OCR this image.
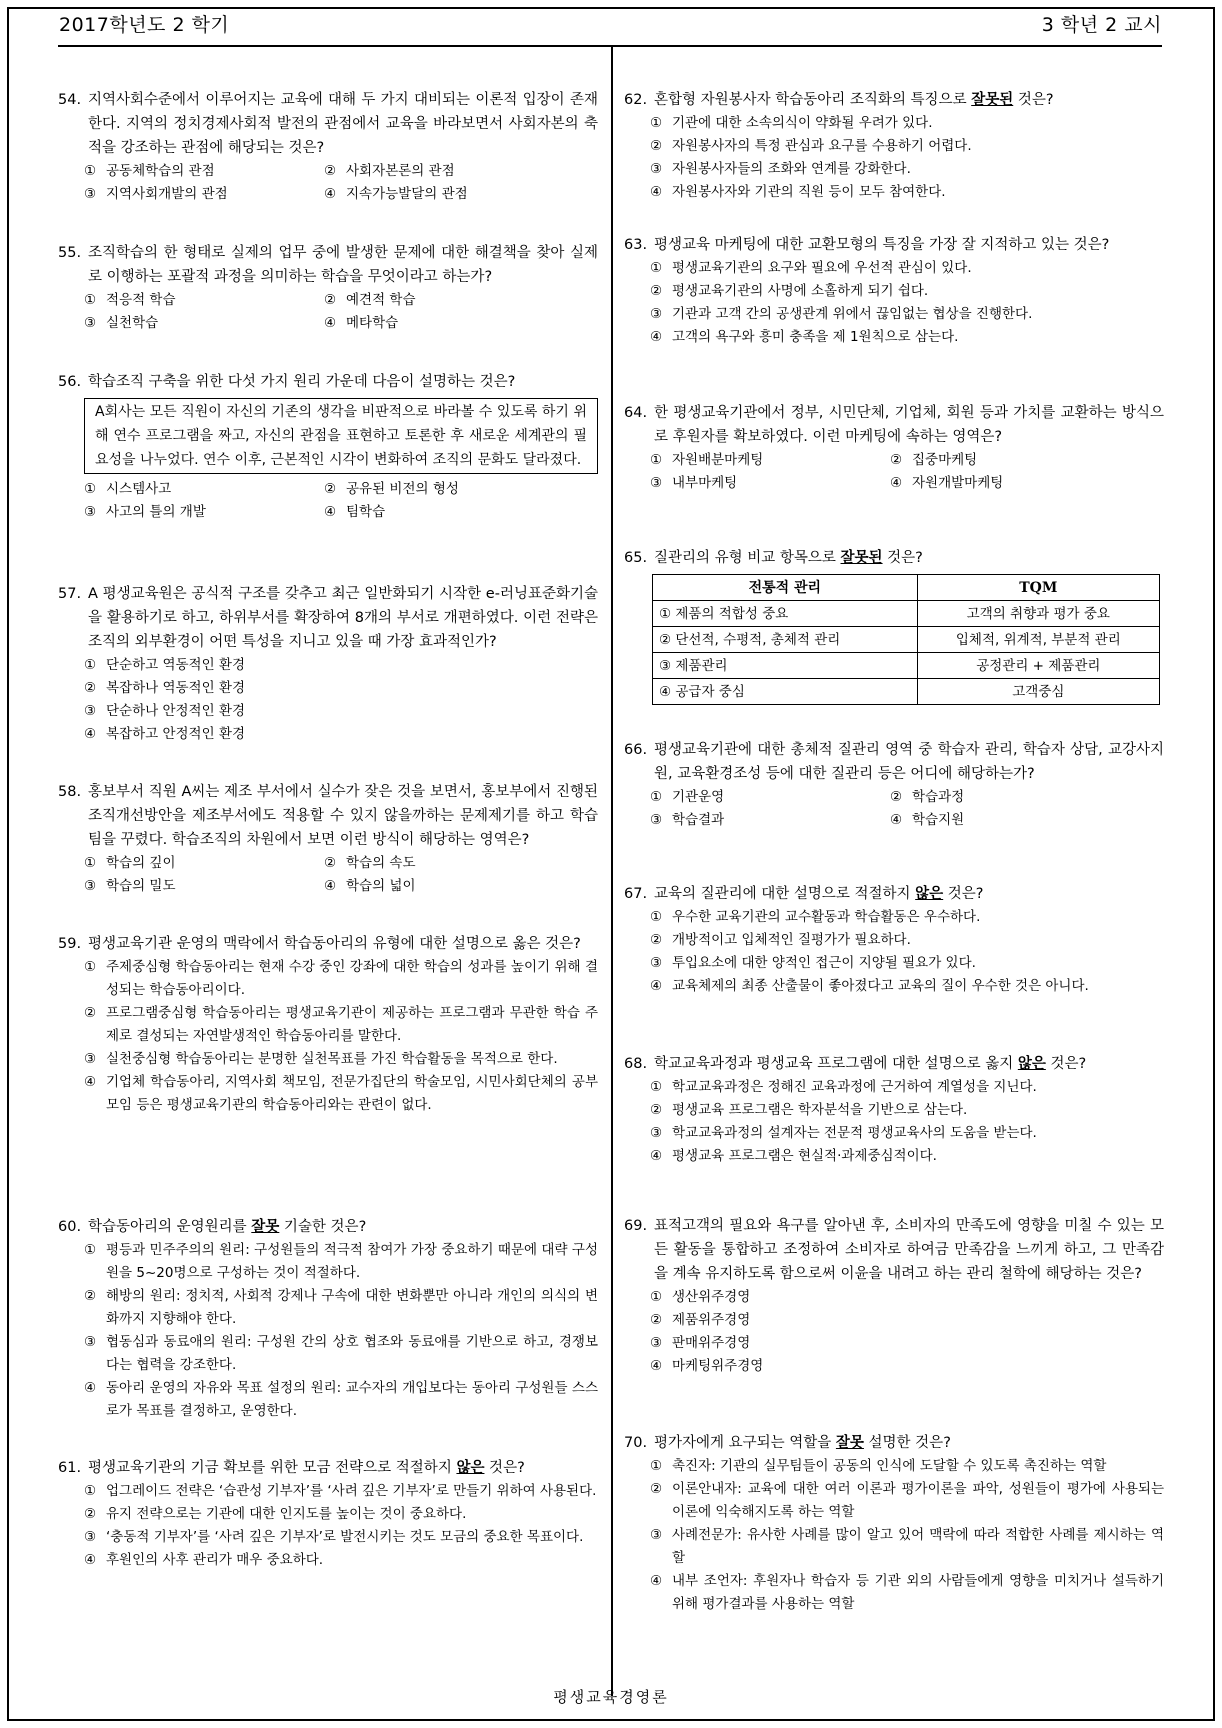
2017학년도 2 학기	3 학년 2 교시
평생교육경영론
54. 지역사회수준에서 이루어지는 교육에 대해 두 가지 대비되는 이론적 입장이 존재한다. 지역의 정치경제사회적 발전의 관점에서 교육을 바라보면서 사회자본의 축적을 강조하는 관점에 해당되는 것은?
① 공동체학습의 관점	② 사회자본론의 관점
③ 지역사회개발의 관점	④ 지속가능발달의 관점
55. 조직학습의 한 형태로 실제의 업무 중에 발생한 문제에 대한 해결책을 찾아 실제로 이행하는 포괄적 과정을 의미하는 학습을 무엇이라고 하는가?
① 적응적 학습	② 예견적 학습
③ 실천학습	④ 메타학습
56. 학습조직 구축을 위한 다섯 가지 원리 가운데 다음이 설명하는 것은?
A회사는 모든 직원이 자신의 기존의 생각을 비판적으로 바라볼 수 있도록 하기 위해 연수 프로그램을 짜고, 자신의 관점을 표현하고 토론한 후 새로운 세계관의 필요성을 나누었다. 연수 이후, 근본적인 시각이 변화하여 조직의 문화도 달라졌다.
① 시스템사고	② 공유된 비전의 형성
③ 사고의 틀의 개발	④ 팀학습
57. A 평생교육원은 공식적 구조를 갖추고 최근 일반화되기 시작한 e-러닝표준화기술을 활용하기로 하고, 하위부서를 확장하여 8개의 부서로 개편하였다. 이런 전략은 조직의 외부환경이 어떤 특성을 지니고 있을 때 가장 효과적인가?
① 단순하고 역동적인 환경
② 복잡하나 역동적인 환경
③ 단순하나 안정적인 환경
④ 복잡하고 안정적인 환경
58. 홍보부서 직원 A씨는 제조 부서에서 실수가 잦은 것을 보면서, 홍보부에서 진행된 조직개선방안을 제조부서에도 적용할 수 있지 않을까하는 문제제기를 하고 학습팀을 꾸렸다. 학습조직의 차원에서 보면 이런 방식이 해당하는 영역은?
① 학습의 깊이	② 학습의 속도
③ 학습의 밀도	④ 학습의 넓이
59. 평생교육기관 운영의 맥락에서 학습동아리의 유형에 대한 설명으로 옳은 것은?
① 주제중심형 학습동아리는 현재 수강 중인 강좌에 대한 학습의 성과를 높이기 위해 결성되는 학습동아리이다.
② 프로그램중심형 학습동아리는 평생교육기관이 제공하는 프로그램과 무관한 학습 주제로 결성되는 자연발생적인 학습동아리를 말한다.
③ 실천중심형 학습동아리는 분명한 실천목표를 가진 학습활동을 목적으로 한다.
④ 기업체 학습동아리, 지역사회 책모임, 전문가집단의 학술모임, 시민사회단체의 공부모임 등은 평생교육기관의 학습동아리와는 관련이 없다.
60. 학습동아리의 운영원리를 잘못 기술한 것은?
① 평등과 민주주의의 원리: 구성원들의 적극적 참여가 가장 중요하기 때문에 대략 구성원을 5~20명으로 구성하는 것이 적절하다.
② 해방의 원리: 정치적, 사회적 강제나 구속에 대한 변화뿐만 아니라 개인의 의식의 변화까지 지향해야 한다.
③ 협동심과 동료애의 원리: 구성원 간의 상호 협조와 동료애를 기반으로 하고, 경쟁보다는 협력을 강조한다.
④ 동아리 운영의 자유와 목표 설정의 원리: 교수자의 개입보다는 동아리 구성원들 스스로가 목표를 결정하고, 운영한다.
61. 평생교육기관의 기금 확보를 위한 모금 전략으로 적절하지 않은 것은?
① 업그레이드 전략은 ‘습관성 기부자’를 ‘사려 깊은 기부자’로 만들기 위하여 사용된다.
② 유지 전략으로는 기관에 대한 인지도를 높이는 것이 중요하다.
③ ‘충동적 기부자’를 ‘사려 깊은 기부자’로 발전시키는 것도 모금의 중요한 목표이다.
④ 후원인의 사후 관리가 매우 중요하다.
62. 혼합형 자원봉사자 학습동아리 조직화의 특징으로 잘못된 것은?
① 기관에 대한 소속의식이 약화될 우려가 있다.
② 자원봉사자의 특정 관심과 요구를 수용하기 어렵다.
③ 자원봉사자들의 조화와 연계를 강화한다.
④ 자원봉사자와 기관의 직원 등이 모두 참여한다.
63. 평생교육 마케팅에 대한 교환모형의 특징을 가장 잘 지적하고 있는 것은?
① 평생교육기관의 요구와 필요에 우선적 관심이 있다.
② 평생교육기관의 사명에 소홀하게 되기 쉽다.
③ 기관과 고객 간의 공생관계 위에서 끊임없는 협상을 진행한다.
④ 고객의 욕구와 흥미 충족을 제 1원칙으로 삼는다.
64. 한 평생교육기관에서 정부, 시민단체, 기업체, 회원 등과 가치를 교환하는 방식으로 후원자를 확보하였다. 이런 마케팅에 속하는 영역은?
① 자원배분마케팅	② 집중마케팅
③ 내부마케팅	④ 자원개발마케팅
65. 질관리의 유형 비교 항목으로 잘못된 것은?
전통적 관리	TQM
① 제품의 적합성 중요	고객의 취향과 평가 중요
② 단선적, 수평적, 총체적 관리	입체적, 위계적, 부분적 관리
③ 제품관리	공정관리 + 제품관리
④ 공급자 중심	고객중심
66. 평생교육기관에 대한 총체적 질관리 영역 중 학습자 관리, 학습자 상담, 교강사지원, 교육환경조성 등에 대한 질관리 등은 어디에 해당하는가?
① 기관운영	② 학습과정
③ 학습결과	④ 학습지원
67. 교육의 질관리에 대한 설명으로 적절하지 않은 것은?
① 우수한 교육기관의 교수활동과 학습활동은 우수하다.
② 개방적이고 입체적인 질평가가 필요하다.
③ 투입요소에 대한 양적인 접근이 지양될 필요가 있다.
④ 교육체제의 최종 산출물이 좋아졌다고 교육의 질이 우수한 것은 아니다.
68. 학교교육과정과 평생교육 프로그램에 대한 설명으로 옳지 않은 것은?
① 학교교육과정은 정해진 교육과정에 근거하여 계열성을 지닌다.
② 평생교육 프로그램은 학자분석을 기반으로 삼는다.
③ 학교교육과정의 설계자는 전문적 평생교육사의 도움을 받는다.
④ 평생교육 프로그램은 현실적·과제중심적이다.
69. 표적고객의 필요와 욕구를 알아낸 후, 소비자의 만족도에 영향을 미칠 수 있는 모든 활동을 통합하고 조정하여 소비자로 하여금 만족감을 느끼게 하고, 그 만족감을 계속 유지하도록 함으로써 이윤을 내려고 하는 관리 철학에 해당하는 것은?
① 생산위주경영
② 제품위주경영
③ 판매위주경영
④ 마케팅위주경영
70. 평가자에게 요구되는 역할을 잘못 설명한 것은?
① 촉진자: 기관의 실무팀들이 공동의 인식에 도달할 수 있도록 촉진하는 역할
② 이론안내자: 교육에 대한 여러 이론과 평가이론을 파악, 성원들이 평가에 사용되는 이론에 익숙해지도록 하는 역할
③ 사례전문가: 유사한 사례를 많이 알고 있어 맥락에 따라 적합한 사례를 제시하는 역할
④ 내부 조언자: 후원자나 학습자 등 기관 외의 사람들에게 영향을 미치거나 설득하기 위해 평가결과를 사용하는 역할
